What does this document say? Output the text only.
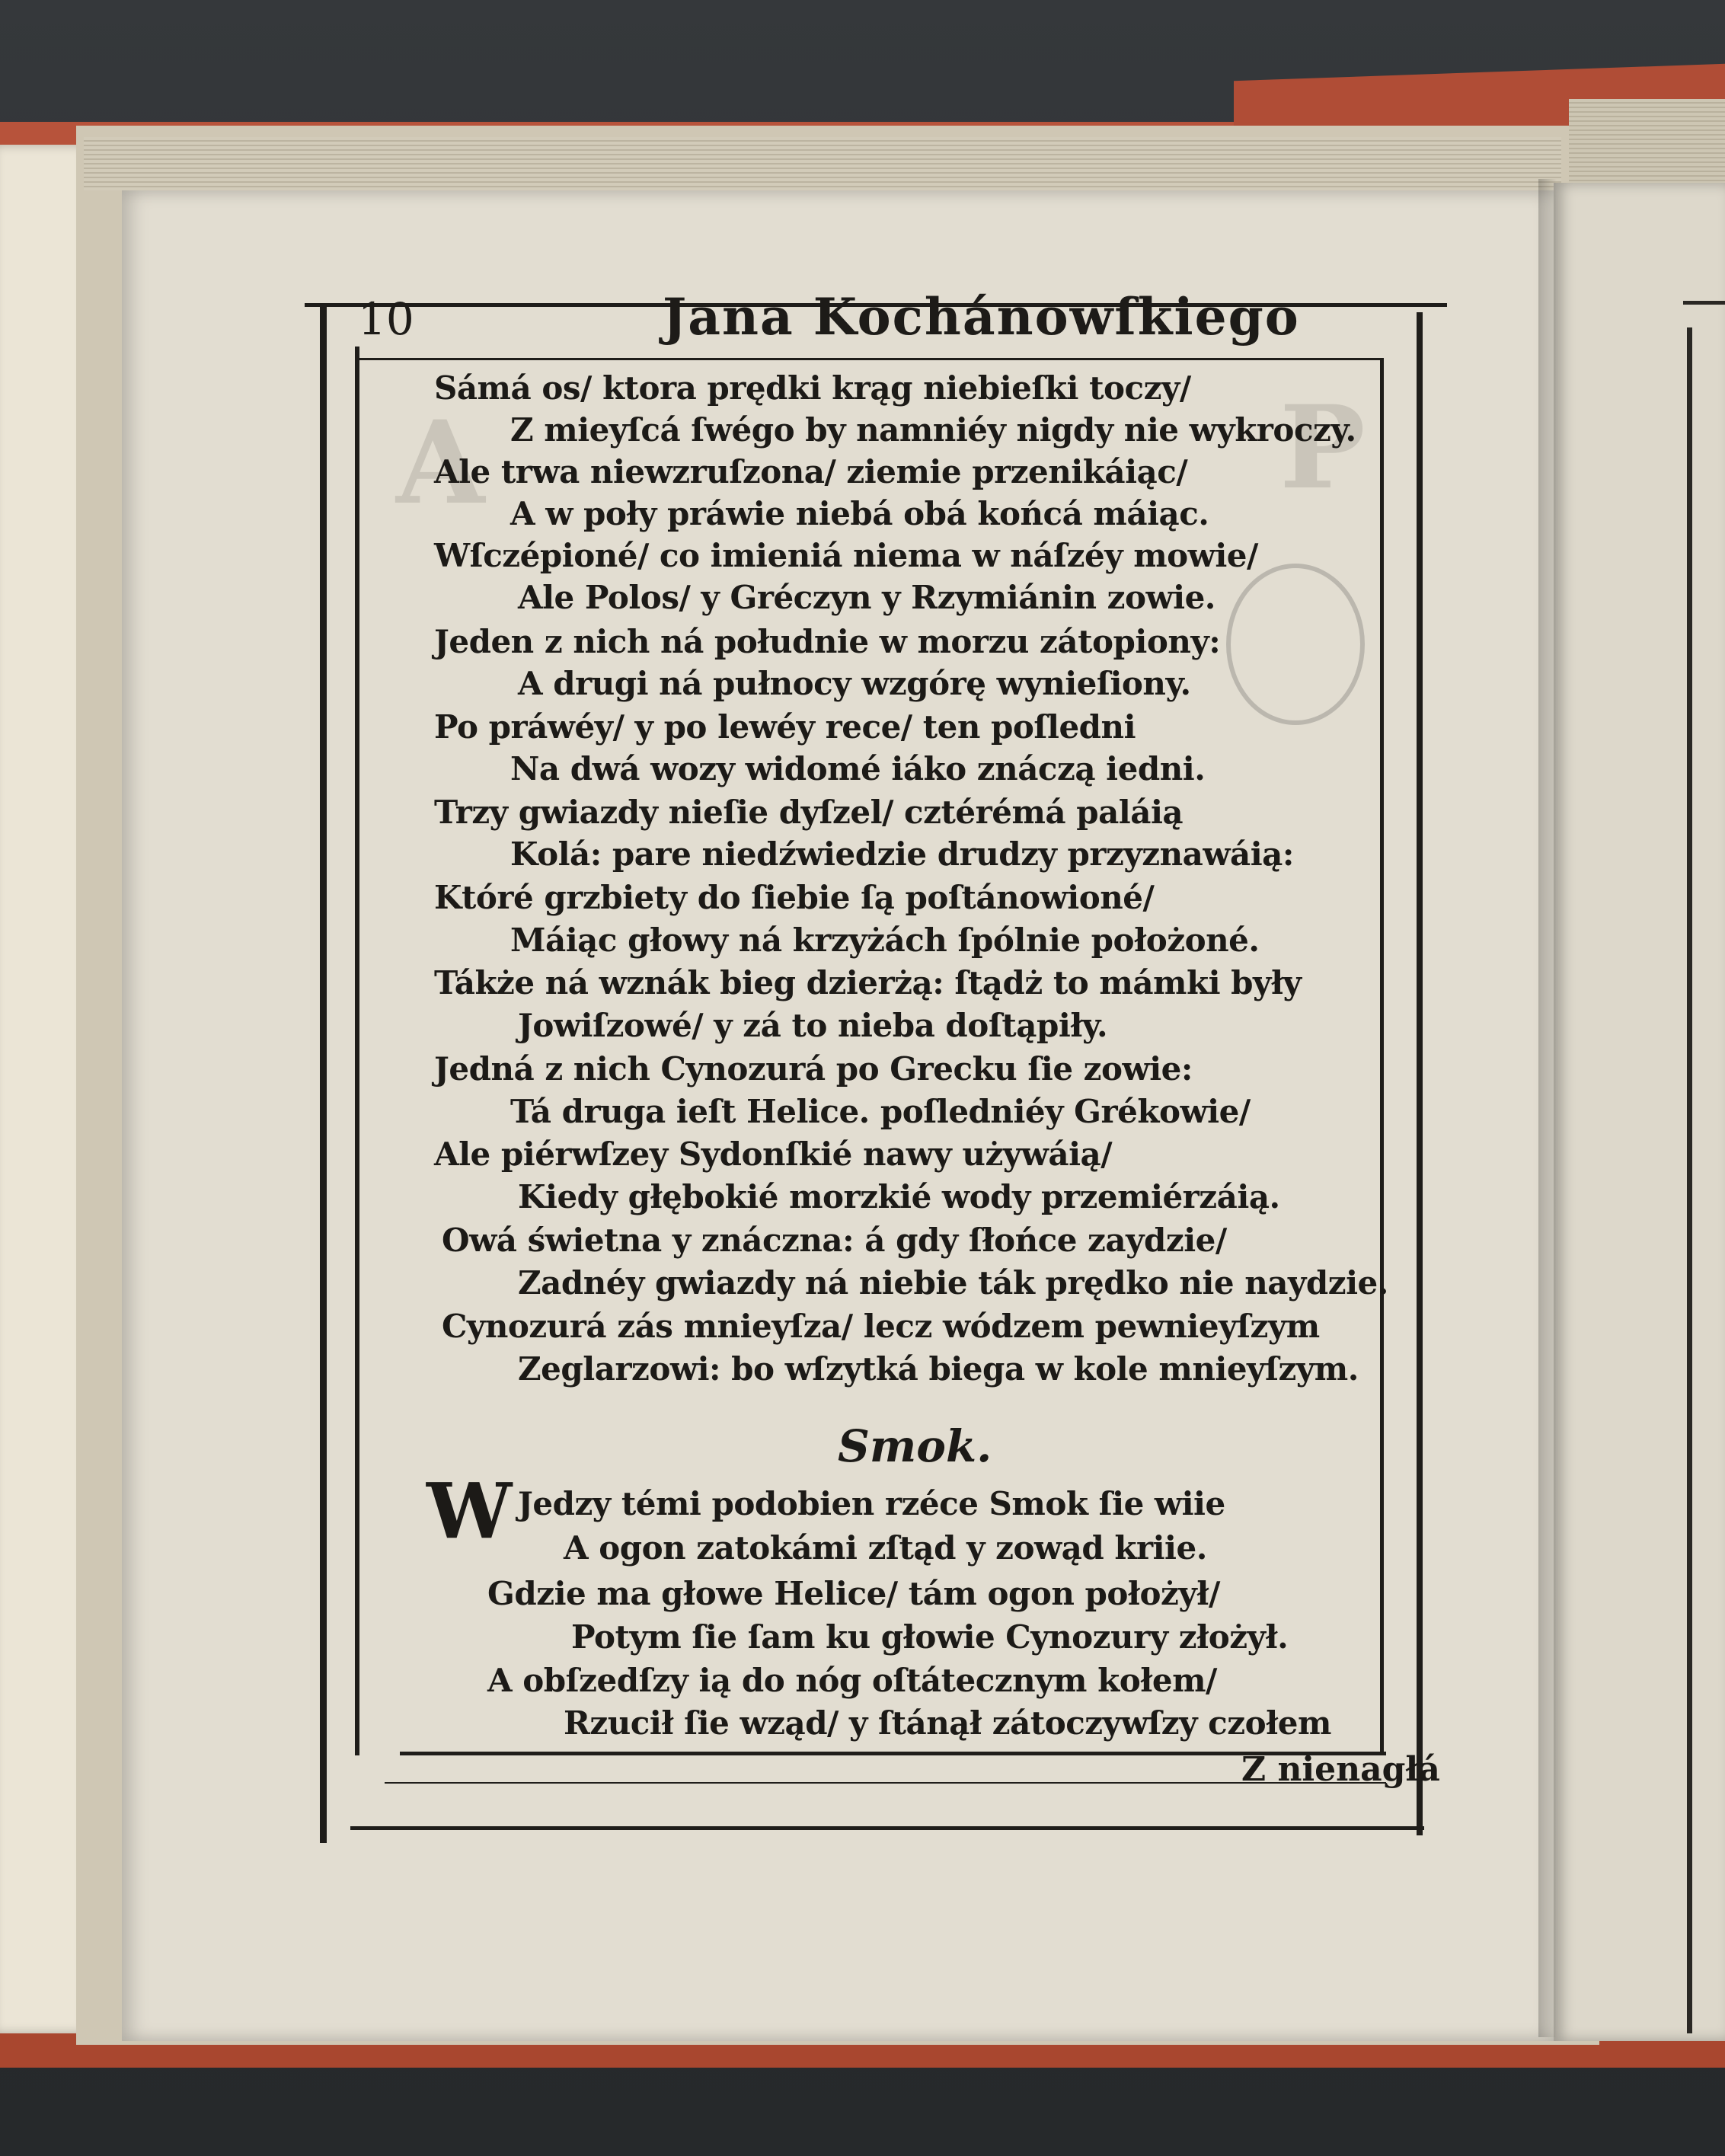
P
A
10	Jana Kochánowſkiego
Sámá os/ ktora prędki krąg niebieſki toczy/
Z mieyſcá ſwégo by namniéy nigdy nie wykroczy.
Ale trwa niewzruſzona/ ziemie przenikáiąc/
A w poły práwie niebá obá końcá máiąc.
Wſczépioné/ co imieniá niema w náſzéy mowie/
Ale Polos/ y Gréczyn y Rzymiánin zowie.
Jeden z nich ná południe w morzu zátopiony:
A drugi ná pułnocy wzgórę wynieſiony.
Po práwéy/ y po lewéy rece/ ten poſledni
Na dwá wozy widomé iáko znáczą iedni.
Trzy gwiazdy nieſie dyſzel/ cztérémá paláią
Kolá: pare niedźwiedzie drudzy przyznawáią:
Któré grzbiety do ſiebie ſą poſtánowioné/
Máiąc głowy ná krzyżách ſpólnie położoné.
Tákże ná wznák bieg dzierżą: ſtądż to mámki były
Jowiſzowé/ y zá to nieba doſtąpiły.
Jedná z nich Cynozurá po Grecku ſie zowie:
Tá druga ieſt Helice. poſledniéy Grékowie/
Ale piérwſzey Sydonſkié nawy używáią/
Kiedy głębokié morzkié wody przemiérzáią.
Owá świetna y znáczna: á gdy ſłońce zaydzie/
Zadnéy gwiazdy ná niebie ták prędko nie naydzie.
Cynozurá zás mnieyſza/ lecz wódzem pewnieyſzym
Zeglarzowi: bo wſzytká biega w kole mnieyſzym.
Smok.
W Jedzy témi podobien rzéce Smok ſie wiie
A ogon zatokámi zſtąd y zowąd kriie.
Gdzie ma głowe Helice/ tám ogon położył/
Potym ſie ſam ku głowie Cynozury złożył.
A obſzedſzy ią do nóg oſtátecznym kołem/
Rzucił ſie wząd/ y ſtánął zátoczywſzy czołem
Z nienagłá
